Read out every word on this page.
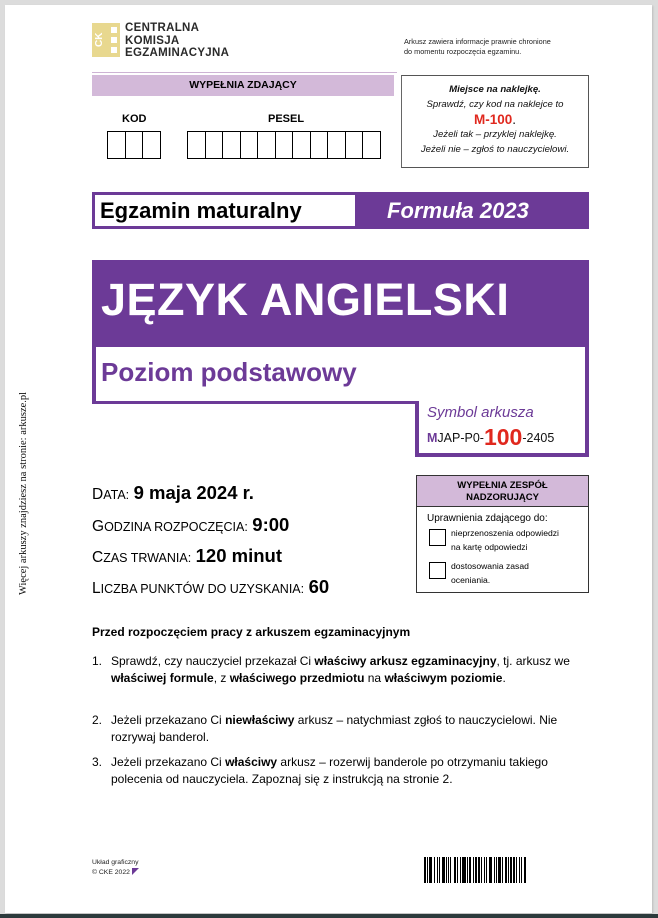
CK
CENTRALNA
KOMISJA
EGZAMINACYJNA
Arkusz zawiera informacje prawnie chronione
do momentu rozpoczęcia egzaminu.
WYPEŁNIA ZDAJĄCY
KOD	PESEL
Miejsce na naklejkę.
Sprawdź, czy kod na naklejce to
M-100.
Jeżeli tak – przyklej naklejkę.
Jeżeli nie – zgłoś to nauczycielowi.
Egzamin maturalny	Formuła 2023
JĘZYK ANGIELSKI
Poziom podstawowy
Symbol arkusza
MJAP-P0-100-2405
DATA: 9 maja 2024 r.
GODZINA ROZPOCZĘCIA: 9:00
CZAS TRWANIA: 120 minut
LICZBA PUNKTÓW DO UZYSKANIA: 60
WYPEŁNIA ZESPÓŁ
NADZORUJĄCY
Uprawnienia zdającego do:
nieprzenoszenia odpowiedzi
na kartę odpowiedzi
dostosowania zasad
oceniania.
Przed rozpoczęciem pracy z arkuszem egzaminacyjnym
1. Sprawdź, czy nauczyciel przekazał Ci właściwy arkusz egzaminacyjny, tj. arkusz we właściwej formule, z właściwego przedmiotu na właściwym poziomie.
2. Jeżeli przekazano Ci niewłaściwy arkusz – natychmiast zgłoś to nauczycielowi. Nie rozrywaj banderol.
3. Jeżeli przekazano Ci właściwy arkusz – rozerwij banderole po otrzymaniu takiego polecenia od nauczyciela. Zapoznaj się z instrukcją na stronie 2.
Układ graficzny
© CKE 2022
Więcej arkuszy znajdziesz na stronie: arkusze.pl
